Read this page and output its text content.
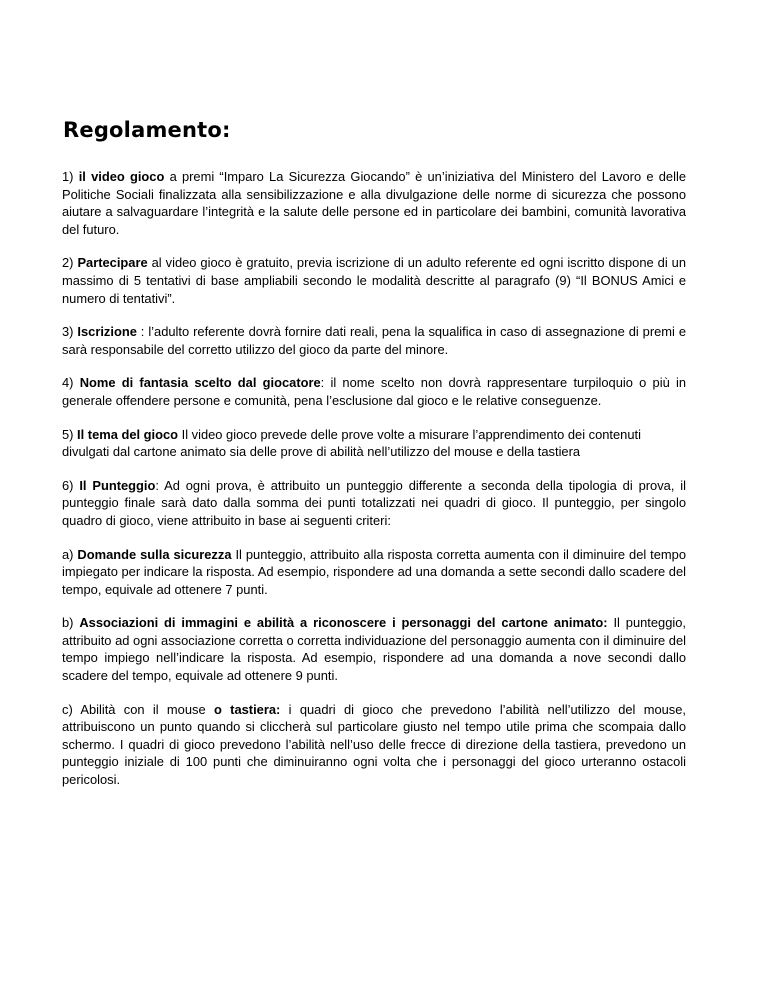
Regolamento:

1) il video gioco a premi “Imparo La Sicurezza Giocando” è un’iniziativa del Ministero del Lavoro e delle Politiche Sociali finalizzata alla sensibilizzazione e alla divulgazione delle norme di sicurezza che possono aiutare a salvaguardare l’integrità e la salute delle persone ed in particolare dei bambini, comunità lavorativa del futuro.

2) Partecipare al video gioco è gratuito, previa iscrizione di un adulto referente ed ogni iscritto dispone di un massimo di 5 tentativi di base ampliabili secondo le modalità descritte al paragrafo (9) “Il BONUS Amici e numero di tentativi”.

3) Iscrizione : l’adulto referente dovrà fornire dati reali, pena la squalifica in caso di assegnazione di premi e sarà responsabile del corretto utilizzo del gioco da parte del minore.

4) Nome di fantasia scelto dal giocatore: il nome scelto non dovrà rappresentare turpiloquio o più in generale offendere persone e comunità, pena l’esclusione dal gioco e le relative conseguenze.

5) Il tema del gioco Il video gioco prevede delle prove volte a misurare l’apprendimento dei contenuti divulgati dal cartone animato sia delle prove di abilità nell’utilizzo del mouse e della tastiera

6) Il Punteggio: Ad ogni prova, è attribuito un punteggio differente a seconda della tipologia di prova, il punteggio finale sarà dato dalla somma dei punti totalizzati nei quadri di gioco. Il punteggio, per singolo quadro di gioco, viene attribuito in base ai seguenti criteri:

a) Domande sulla sicurezza Il punteggio, attribuito alla risposta corretta aumenta con il diminuire del tempo impiegato per indicare la risposta. Ad esempio, rispondere ad una domanda a sette secondi dallo scadere del tempo, equivale ad ottenere 7 punti.

b) Associazioni di immagini e abilità a riconoscere i personaggi del cartone animato: Il punteggio, attribuito ad ogni associazione corretta o corretta individuazione del personaggio aumenta con il diminuire del tempo impiego nell’indicare la risposta. Ad esempio, rispondere ad una domanda a nove secondi dallo scadere del tempo, equivale ad ottenere 9 punti.

c) Abilità con il mouse o tastiera: i quadri di gioco che prevedono l’abilità nell’utilizzo del mouse, attribuiscono un punto quando si cliccherà sul particolare giusto nel tempo utile prima che scompaia dallo schermo. I quadri di gioco prevedono l’abilità nell’uso delle frecce di direzione della tastiera, prevedono un punteggio iniziale di 100 punti che diminuiranno ogni volta che i personaggi del gioco urteranno ostacoli pericolosi.
